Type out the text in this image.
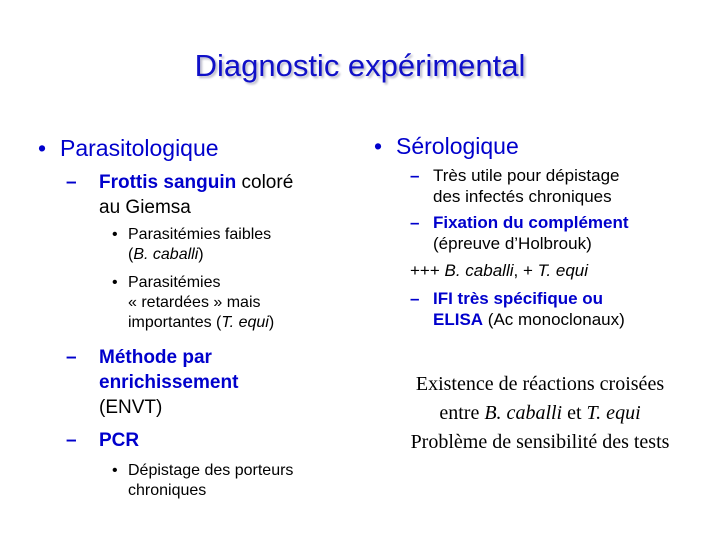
Diagnostic expérimental
• Parasitologique
–	Frottis sanguin coloré
au Giemsa
• Parasitémies faibles
(B. caballi)
• Parasitémies
« retardées » mais
importantes (T. equi)
–	Méthode par
enrichissement
(ENVT)
–	PCR
• Dépistage des porteurs
chroniques
• Sérologique
– Très utile pour dépistage
des infectés chroniques
– Fixation du complément
(épreuve d’Holbrouk)
+++ B. caballi, + T. equi
– IFI très spécifique ou
ELISA (Ac monoclonaux)
Existence de réactions croisées
entre B. caballi et T. equi
Problème de sensibilité des tests
